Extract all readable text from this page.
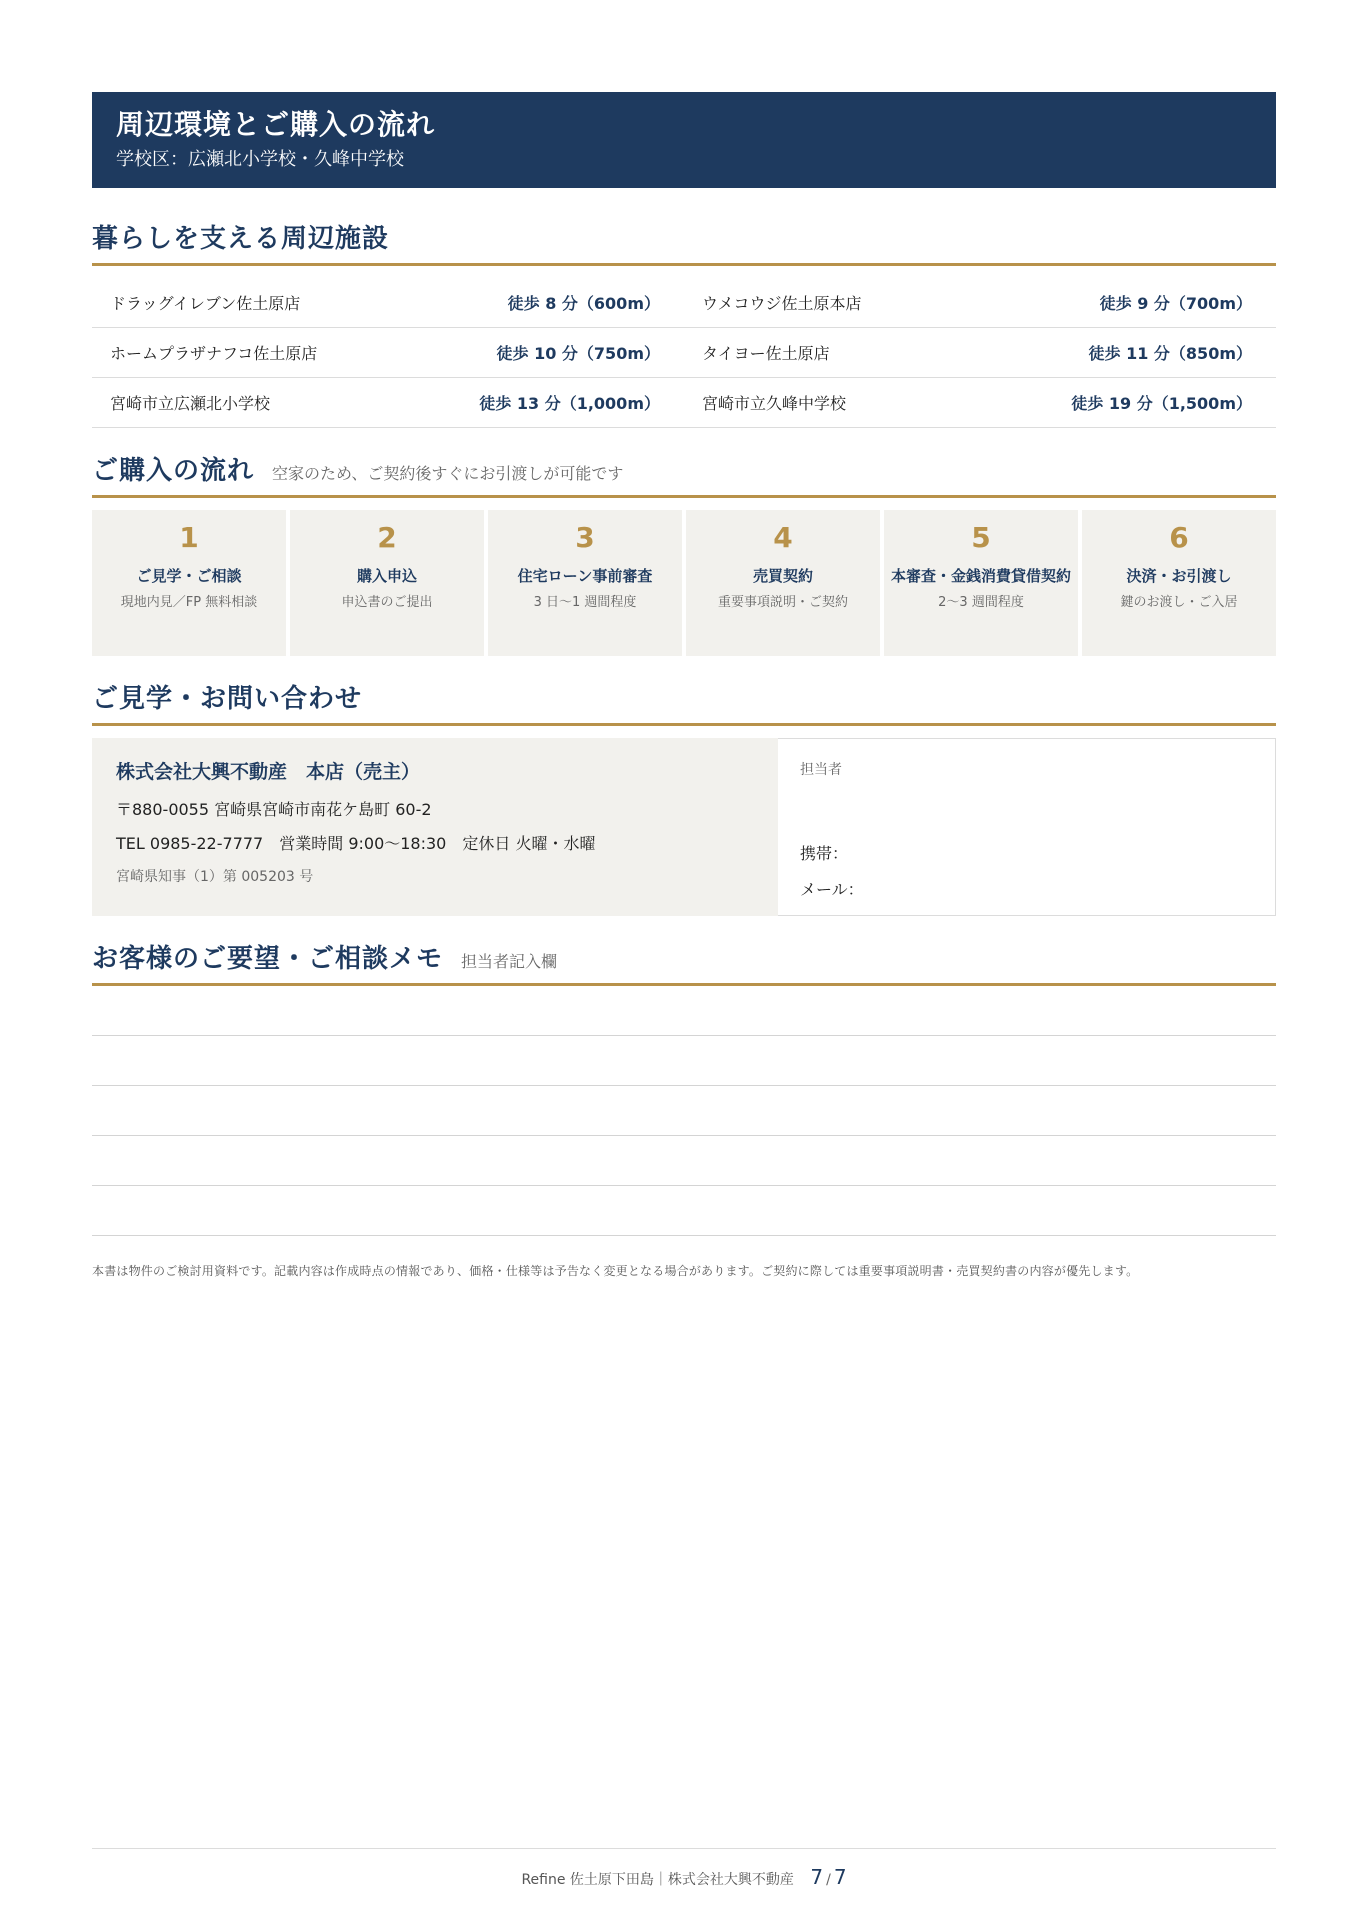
周辺環境とご購入の流れ
学校区：広瀬北小学校・久峰中学校
暮らしを支える周辺施設
ドラッグイレブン佐土原店	徒歩 8 分（600m）	ウメコウジ佐土原本店	徒歩 9 分（700m）
ホームプラザナフコ佐土原店	徒歩 10 分（750m）	タイヨー佐土原店	徒歩 11 分（850m）
宮崎市立広瀬北小学校	徒歩 13 分（1,000m）	宮崎市立久峰中学校	徒歩 19 分（1,500m）
ご購入の流れ 空家のため、ご契約後すぐにお引渡しが可能です
1
ご見学・ご相談
現地内見／FP 無料相談
2
購入申込
申込書のご提出
3
住宅ローン事前審査
3 日〜1 週間程度
4
売買契約
重要事項説明・ご契約
5
本審査・金銭消費貸借契約
2〜3 週間程度
6
決済・お引渡し
鍵のお渡し・ご入居
ご見学・お問い合わせ
株式会社大興不動産　本店（売主）
〒880-0055 宮崎県宮崎市南花ケ島町 60-2
TEL 0985-22-7777　営業時間 9:00〜18:30　定休日 火曜・水曜
宮崎県知事（1）第 005203 号
担当者
携帯：
メール：
お客様のご要望・ご相談メモ 担当者記入欄
本書は物件のご検討用資料です。記載内容は作成時点の情報であり、価格・仕様等は予告なく変更となる場合があります。ご契約に際しては重要事項説明書・売買契約書の内容が優先します。
Refine 佐土原下田島｜株式会社大興不動産 7 / 7
